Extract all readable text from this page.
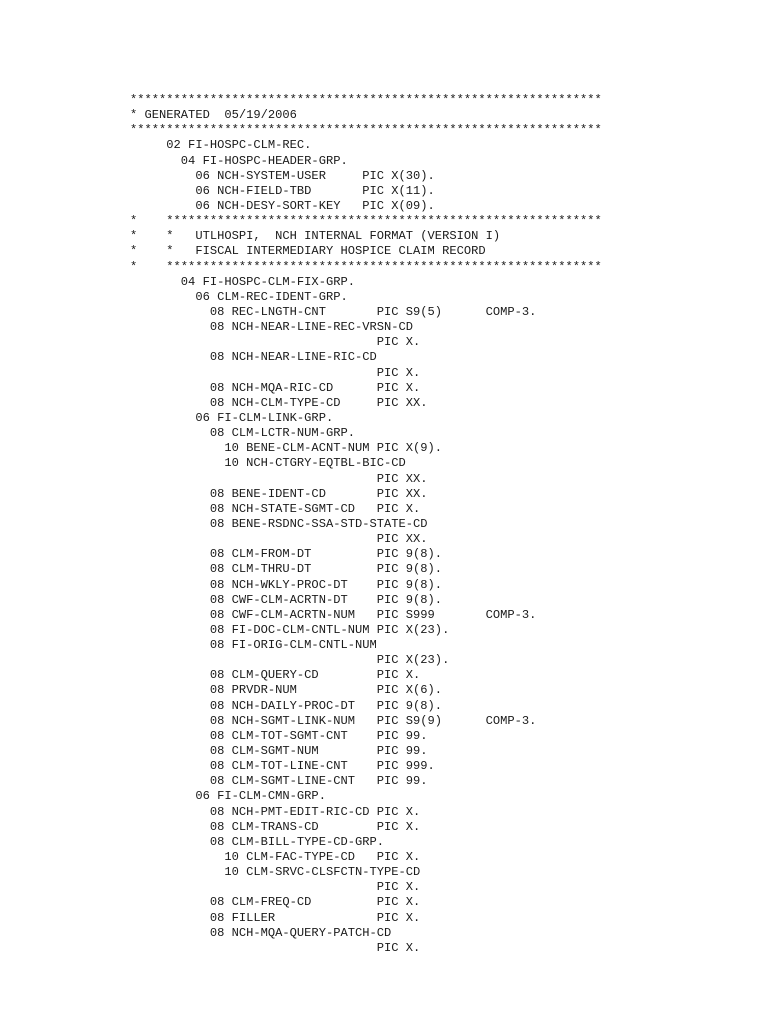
*****************************************************************
* GENERATED  05/19/2006
*****************************************************************
02 FI-HOSPC-CLM-REC.
04 FI-HOSPC-HEADER-GRP.
06 NCH-SYSTEM-USER     PIC X(30).
06 NCH-FIELD-TBD       PIC X(11).
06 NCH-DESY-SORT-KEY   PIC X(09).
*    ************************************************************
*    *   UTLHOSPI,  NCH INTERNAL FORMAT (VERSION I)
*    *   FISCAL INTERMEDIARY HOSPICE CLAIM RECORD
*    ************************************************************
04 FI-HOSPC-CLM-FIX-GRP.
06 CLM-REC-IDENT-GRP.
08 REC-LNGTH-CNT       PIC S9(5)      COMP-3.
08 NCH-NEAR-LINE-REC-VRSN-CD
PIC X.
08 NCH-NEAR-LINE-RIC-CD
PIC X.
08 NCH-MQA-RIC-CD      PIC X.
08 NCH-CLM-TYPE-CD     PIC XX.
06 FI-CLM-LINK-GRP.
08 CLM-LCTR-NUM-GRP.
10 BENE-CLM-ACNT-NUM PIC X(9).
10 NCH-CTGRY-EQTBL-BIC-CD
PIC XX.
08 BENE-IDENT-CD       PIC XX.
08 NCH-STATE-SGMT-CD   PIC X.
08 BENE-RSDNC-SSA-STD-STATE-CD
PIC XX.
08 CLM-FROM-DT         PIC 9(8).
08 CLM-THRU-DT         PIC 9(8).
08 NCH-WKLY-PROC-DT    PIC 9(8).
08 CWF-CLM-ACRTN-DT    PIC 9(8).
08 CWF-CLM-ACRTN-NUM   PIC S999       COMP-3.
08 FI-DOC-CLM-CNTL-NUM PIC X(23).
08 FI-ORIG-CLM-CNTL-NUM
PIC X(23).
08 CLM-QUERY-CD        PIC X.
08 PRVDR-NUM           PIC X(6).
08 NCH-DAILY-PROC-DT   PIC 9(8).
08 NCH-SGMT-LINK-NUM   PIC S9(9)      COMP-3.
08 CLM-TOT-SGMT-CNT    PIC 99.
08 CLM-SGMT-NUM        PIC 99.
08 CLM-TOT-LINE-CNT    PIC 999.
08 CLM-SGMT-LINE-CNT   PIC 99.
06 FI-CLM-CMN-GRP.
08 NCH-PMT-EDIT-RIC-CD PIC X.
08 CLM-TRANS-CD        PIC X.
08 CLM-BILL-TYPE-CD-GRP.
10 CLM-FAC-TYPE-CD   PIC X.
10 CLM-SRVC-CLSFCTN-TYPE-CD
PIC X.
08 CLM-FREQ-CD         PIC X.
08 FILLER              PIC X.
08 NCH-MQA-QUERY-PATCH-CD
PIC X.
